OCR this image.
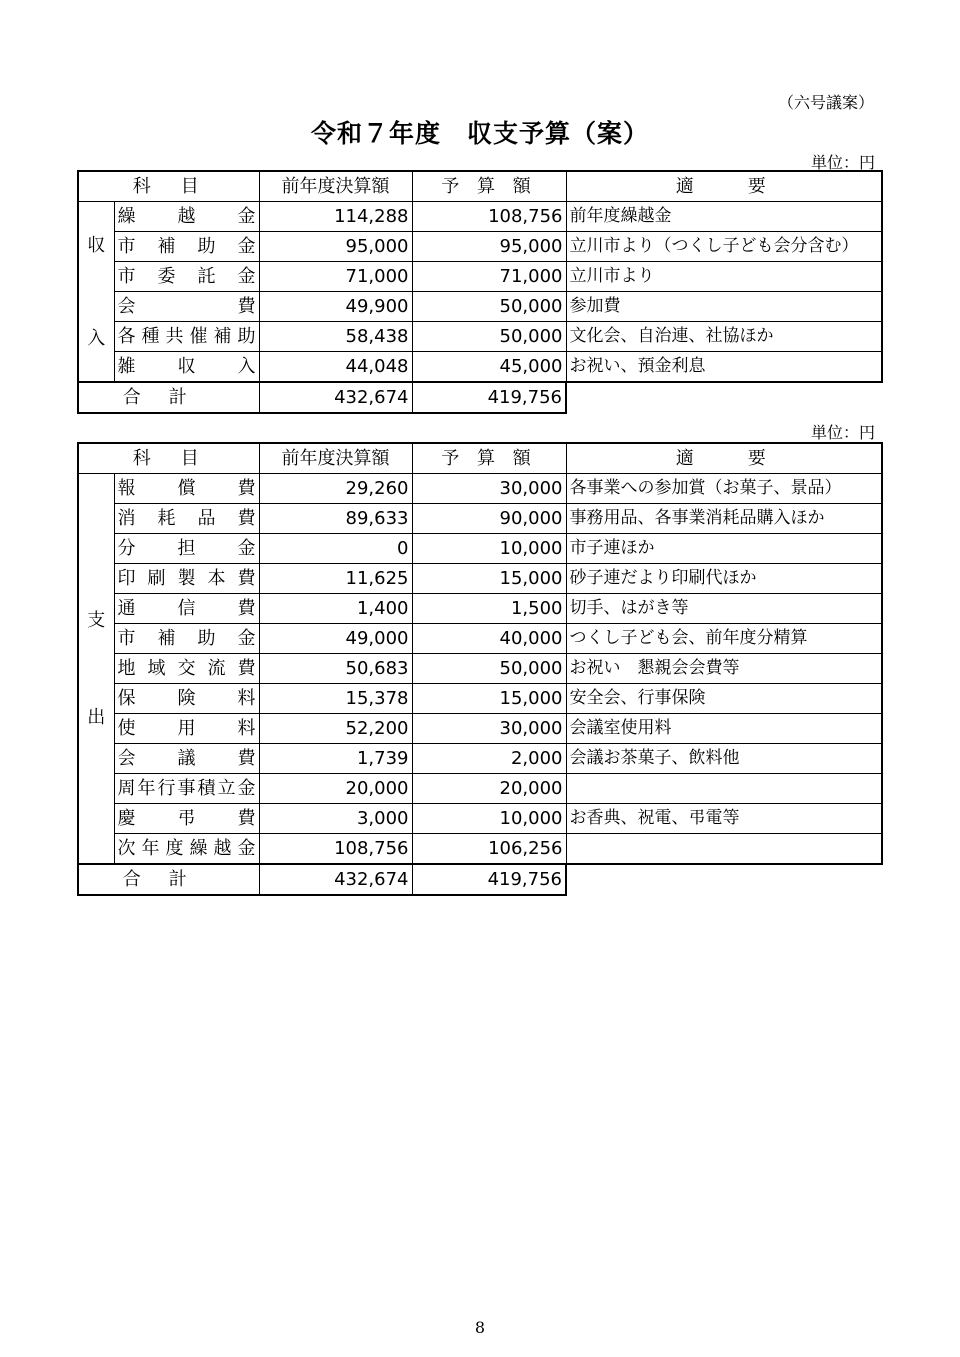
（六号議案）
令和７年度　収支予算（案）
単位：円
科　目		前年度決算額	予 算 額	適　　要

収
入	繰越金	114,288	108,756	前年度繰越金
	市補助金	95,000	95,000	立川市より（つくし子ども会分含む）
	市委託金	71,000	71,000	立川市より
	会費	49,900	50,000	参加費
	各種共催補助	58,438	50,000	文化会、自治連、社協ほか
	雑収入	44,048	45,000	お祝い、預金利息
合計		432,674	419,756	
単位：円
科　目		前年度決算額	予 算 額	適　　要

支
出	報償費	29,260	30,000	各事業への参加賞（お菓子、景品）
	消耗品費	89,633	90,000	事務用品、各事業消耗品購入ほか
	分担金	0	10,000	市子連ほか
	印刷製本費	11,625	15,000	砂子連だより印刷代ほか
	通信費	1,400	1,500	切手、はがき等
	市補助金	49,000	40,000	つくし子ども会、前年度分精算
	地域交流費	50,683	50,000	お祝い　懇親会会費等
	保険料	15,378	15,000	安全会、行事保険
	使用料	52,200	30,000	会議室使用料
	会議費	1,739	2,000	会議お茶菓子、飲料他
	周年行事積立金	20,000	20,000	
	慶弔費	3,000	10,000	お香典、祝電、弔電等
	次年度繰越金	108,756	106,256	
合計		432,674	419,756	
8
